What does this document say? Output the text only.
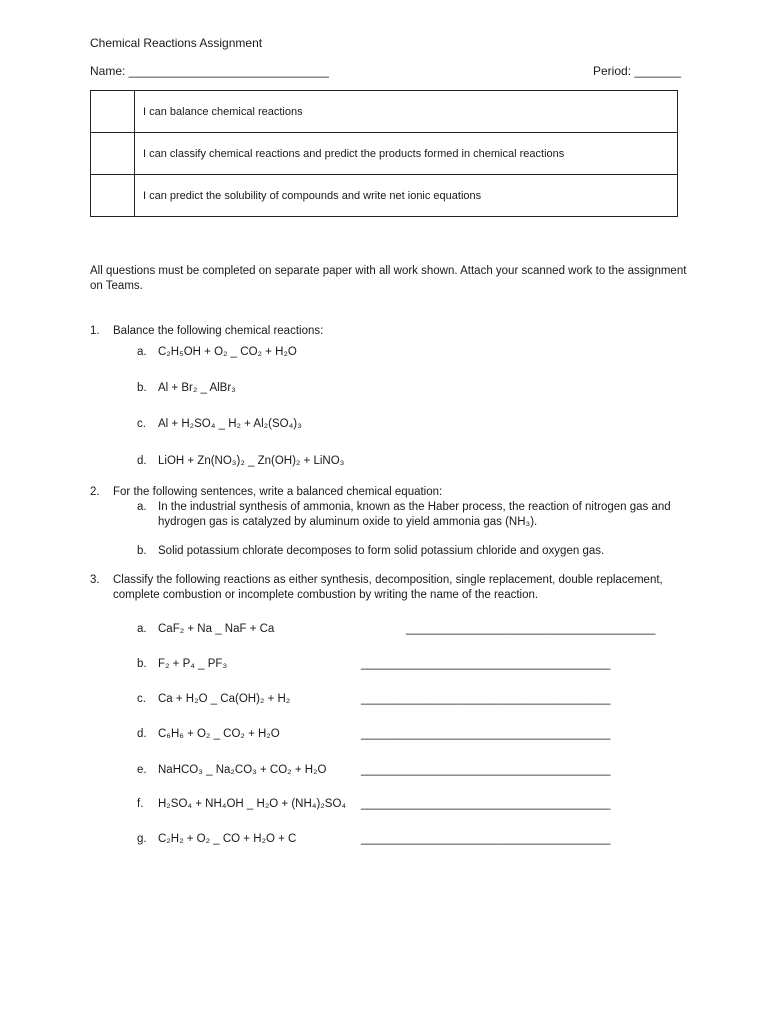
Chemical Reactions Assignment
Name: ______________________________	Period: _______
	I can balance chemical reactions
	I can classify chemical reactions and predict the products formed in chemical reactions
	I can predict the solubility of compounds and write net ionic equations
All questions must be completed on separate paper with all work shown. Attach your scanned work to the assignment on Teams.
1. Balance the following chemical reactions:
a. C₂H₅OH + O₂ _ CO₂ + H₂O
b. Al + Br₂ _ AlBr₃
c. Al + H₂SO₄ _ H₂ + Al₂(SO₄)₃
d. LiOH + Zn(NO₃)₂ _ Zn(OH)₂ + LiNO₃
2. For the following sentences, write a balanced chemical equation:
a. In the industrial synthesis of ammonia, known as the Haber process, the reaction of nitrogen gas and hydrogen gas is catalyzed by aluminum oxide to yield ammonia gas (NH₃).
b. Solid potassium chlorate decomposes to form solid potassium chloride and oxygen gas.
3. Classify the following reactions as either synthesis, decomposition, single replacement, double replacement, complete combustion or incomplete combustion by writing the name of the reaction.
a. CaF₂ + Na _ NaF + Ca	_______________________________________
b. F₂ + P₄ _ PF₃	_______________________________________
c. Ca + H₂O _ Ca(OH)₂ + H₂	_______________________________________
d. C₆H₆ + O₂ _ CO₂ + H₂O	_______________________________________
e. NaHCO₃ _ Na₂CO₃ + CO₂ + H₂O	_______________________________________
f. H₂SO₄ + NH₄OH _ H₂O + (NH₄)₂SO₄ _______________________________________
g. C₂H₂ + O₂ _ CO + H₂O + C	_______________________________________
